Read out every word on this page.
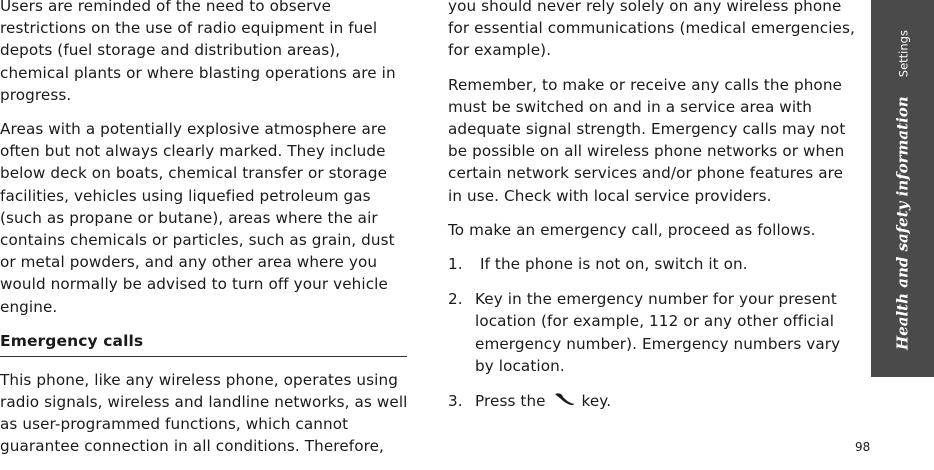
Users are reminded of the need to observe restrictions on the use of radio equipment in fuel depots (fuel storage and distribution areas), chemical plants or where blasting operations are in progress.

Areas with a potentially explosive atmosphere are often but not always clearly marked. They include below deck on boats, chemical transfer or storage facilities, vehicles using liquefied petroleum gas (such as propane or butane), areas where the air contains chemicals or particles, such as grain, dust or metal powders, and any other area where you would normally be advised to turn off your vehicle engine.

Emergency calls

This phone, like any wireless phone, operates using radio signals, wireless and landline networks, as well as user-programmed functions, which cannot guarantee connection in all conditions. Therefore,

you should never rely solely on any wireless phone for essential communications (medical emergencies, for example).

Remember, to make or receive any calls the phone must be switched on and in a service area with adequate signal strength. Emergency calls may not be possible on all wireless phone networks or when certain network services and/or phone features are in use. Check with local service providers.

To make an emergency call, proceed as follows.

1. If the phone is not on, switch it on.
2. Key in the emergency number for your present location (for example, 112 or any other official emergency number). Emergency numbers vary by location.
3. Press the key.
Health and safety information Settings
98
